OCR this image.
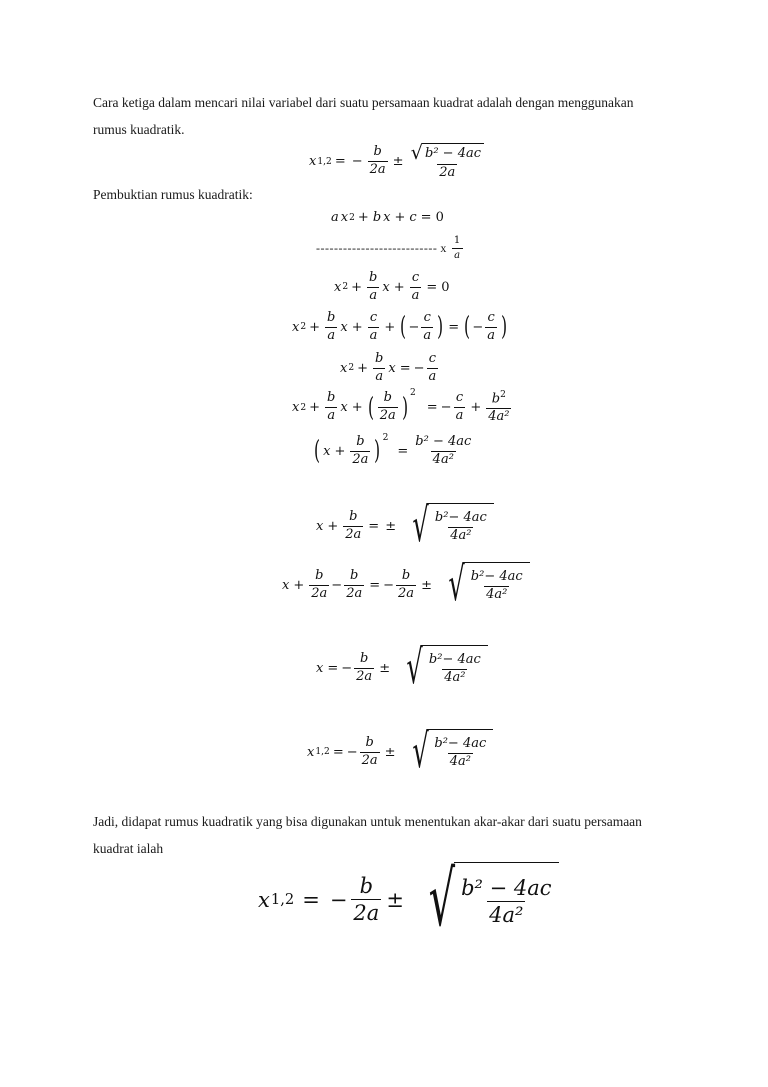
Cara ketiga dalam mencari nilai variabel dari suatu persamaan kuadrat adalah dengan menggunakan
rumus kuadratik.
x 1,2 = − $\frac{b}{2a} \pm \frac{\text{√ b² − 4ac}}{2a}$
Pembuktian rumus kuadratik:
a x 2 + b x + c = 0
--------------------------- x $\frac{1}{a}$
x $2 + \frac{b}{a}$ $x + \frac{c}{a} = 0$
x $2 + \frac{b}{a}$ $x + \frac{c}{a}$ + ( − $\frac{c}{a}$ ) = ( − $\frac{c}{a}$ )
x $2 + \frac{b}{a}$ x = − $\frac{c}{a}$
x $2 + \frac{b}{a}$ x + ( $\frac{b}{2a}$ ) 2
= − $\frac{c}{a} + \frac{b^2}{\text{4a²}}$
( $x + \frac{b}{2a}$ ) 2
= $\frac{\text{b² − 4ac}}{\text{4a²}}$
$x + \frac{b}{2a}$ = ± √ $\frac{\text{b²− 4ac}}{\text{4a²}}$
$x + \frac{b}{2a} - \frac{b}{2a}$ = − $\frac{b}{2a}$ ± √ $\frac{\text{b²− 4ac}}{\text{4a²}}$
x = − $\frac{b}{2a}$ ± √ $\frac{\text{b²− 4ac}}{\text{4a²}}$
x 1,2 = − $\frac{b}{2a}$ ± √ $\frac{\text{b²− 4ac}}{\text{4a²}}$
Jadi, didapat rumus kuadratik yang bisa digunakan untuk menentukan akar-akar dari suatu persamaan
kuadrat ialah
x 1,2 = − $\frac{b}{2a}$ ± √ $\frac{\text{b² − 4ac}}{\text{4a²}}$
